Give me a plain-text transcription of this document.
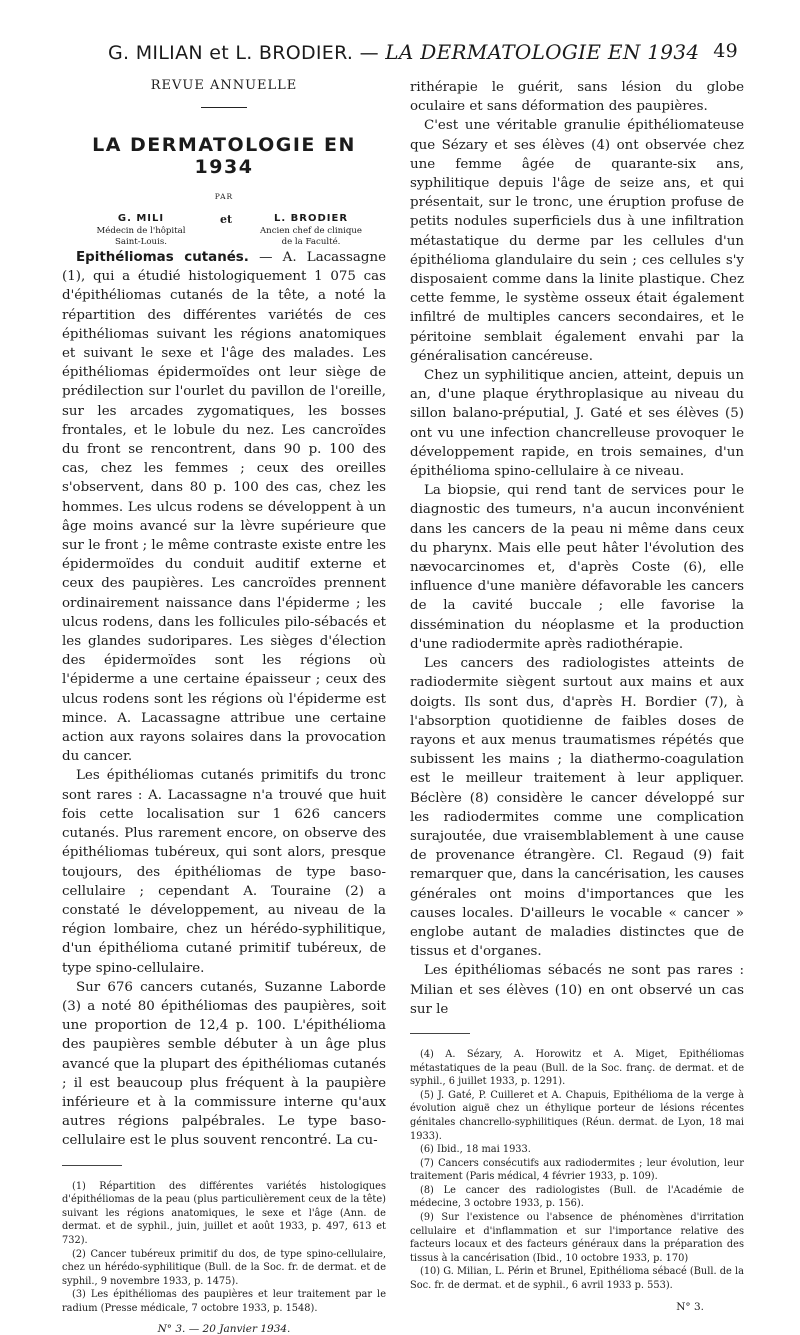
G. MILIAN et L. BRODIER. — LA DERMATOLOGIE EN 1934 49
REVUE ANNUELLE
LA DERMATOLOGIE EN 1934
PAR
G. MILI
Médecin de l'hôpital Saint-Louis.
et	L. BRODIER
Ancien chef de clinique de la Faculté.

Epithéliomas cutanés. — A. Lacassagne (1), qui a étudié histologiquement 1 075 cas d'épithéliomas cutanés de la tête, a noté la répartition des différentes variétés de ces épithéliomas suivant les régions anatomiques et suivant le sexe et l'âge des malades. Les épithéliomas épidermoïdes ont leur siège de prédilection sur l'ourlet du pavillon de l'oreille, sur les arcades zygomatiques, les bosses frontales, et le lobule du nez. Les cancroïdes du front se rencontrent, dans 90 p. 100 des cas, chez les femmes ; ceux des oreilles s'observent, dans 80 p. 100 des cas, chez les hommes. Les ulcus rodens se développent à un âge moins avancé sur la lèvre supérieure que sur le front ; le même contraste existe entre les épidermoïdes du conduit auditif externe et ceux des paupières. Les cancroïdes prennent ordinairement naissance dans l'épiderme ; les ulcus rodens, dans les follicules pilo-sébacés et les glandes sudoripares. Les sièges d'élection des épidermoïdes sont les régions où l'épiderme a une certaine épaisseur ; ceux des ulcus rodens sont les régions où l'épiderme est mince. A. Lacassagne attribue une certaine action aux rayons solaires dans la provocation du cancer.

Les épithéliomas cutanés primitifs du tronc sont rares : A. Lacassagne n'a trouvé que huit fois cette localisation sur 1 626 cancers cutanés. Plus rarement encore, on observe des épithéliomas tubéreux, qui sont alors, presque toujours, des épithéliomas de type baso-cellulaire ; cependant A. Touraine (2) a constaté le développement, au niveau de la région lombaire, chez un hérédo-syphilitique, d'un épithélioma cutané primitif tubéreux, de type spino-cellulaire.

Sur 676 cancers cutanés, Suzanne Laborde (3) a noté 80 épithéliomas des paupières, soit une proportion de 12,4 p. 100. L'épithélioma des paupières semble débuter à un âge plus avancé que la plupart des épithéliomas cutanés ; il est beaucoup plus fréquent à la paupière inférieure et à la commissure interne qu'aux autres régions palpébrales. Le type baso-cellulaire est le plus souvent rencontré. La cu-

(1) Répartition des différentes variétés histologiques d'épithéliomas de la peau (plus particulièrement ceux de la tête) suivant les régions anatomiques, le sexe et l'âge (Ann. de dermat. et de syphil., juin, juillet et août 1933, p. 497, 613 et 732).

(2) Cancer tubéreux primitif du dos, de type spino-cellulaire, chez un hérédo-syphilitique (Bull. de la Soc. fr. de dermat. et de syphil., 9 novembre 1933, p. 1475).

(3) Les épithéliomas des paupières et leur traitement par le radium (Presse médicale, 7 octobre 1933, p. 1548).

N° 3. — 20 Janvier 1934.

rithérapie le guérit, sans lésion du globe oculaire et sans déformation des paupières.

C'est une véritable granulie épithéliomateuse que Sézary et ses élèves (4) ont observée chez une femme âgée de quarante-six ans, syphilitique depuis l'âge de seize ans, et qui présentait, sur le tronc, une éruption profuse de petits nodules superficiels dus à une infiltration métastatique du derme par les cellules d'un épithélioma glandulaire du sein ; ces cellules s'y disposaient comme dans la linite plastique. Chez cette femme, le système osseux était également infiltré de multiples cancers secondaires, et le péritoine semblait également envahi par la généralisation cancéreuse.

Chez un syphilitique ancien, atteint, depuis un an, d'une plaque érythroplasique au niveau du sillon balano-préputial, J. Gaté et ses élèves (5) ont vu une infection chancrelleuse provoquer le développement rapide, en trois semaines, d'un épithélioma spino-cellulaire à ce niveau.

La biopsie, qui rend tant de services pour le diagnostic des tumeurs, n'a aucun inconvénient dans les cancers de la peau ni même dans ceux du pharynx. Mais elle peut hâter l'évolution des nævocarcinomes et, d'après Coste (6), elle influence d'une manière défavorable les cancers de la cavité buccale ; elle favorise la dissémination du néoplasme et la production d'une radiodermite après radiothérapie.

Les cancers des radiologistes atteints de radiodermite siègent surtout aux mains et aux doigts. Ils sont dus, d'après H. Bordier (7), à l'absorption quotidienne de faibles doses de rayons et aux menus traumatismes répétés que subissent les mains ; la diathermo-coagulation est le meilleur traitement à leur appliquer. Béclère (8) considère le cancer développé sur les radiodermites comme une complication surajoutée, due vraisemblablement à une cause de provenance étrangère. Cl. Regaud (9) fait remarquer que, dans la cancérisation, les causes générales ont moins d'importances que les causes locales. D'ailleurs le vocable « cancer » englobe autant de maladies distinctes que de tissus et d'organes.

Les épithéliomas sébacés ne sont pas rares : Milian et ses élèves (10) en ont observé un cas sur le

(4) A. Sézary, A. Horowitz et A. Miget, Epithéliomas métastatiques de la peau (Bull. de la Soc. franç. de dermat. et de syphil., 6 juillet 1933, p. 1291).

(5) J. Gaté, P. Cuilleret et A. Chapuis, Epithélioma de la verge à évolution aiguë chez un éthylique porteur de lésions récentes génitales chancrello-syphilitiques (Réun. dermat. de Lyon, 18 mai 1933).

(6) Ibid., 18 mai 1933.

(7) Cancers consécutifs aux radiodermites ; leur évolution, leur traitement (Paris médical, 4 février 1933, p. 109).

(8) Le cancer des radiologistes (Bull. de l'Académie de médecine, 3 octobre 1933, p. 156).

(9) Sur l'existence ou l'absence de phénomènes d'irritation cellulaire et d'inflammation et sur l'importance relative des facteurs locaux et des facteurs généraux dans la préparation des tissus à la cancérisation (Ibid., 10 octobre 1933, p. 170)

(10) G. Milian, L. Périn et Brunel, Epithélioma sébacé (Bull. de la Soc. fr. de dermat. et de syphil., 6 avril 1933 p. 553).

N° 3.
